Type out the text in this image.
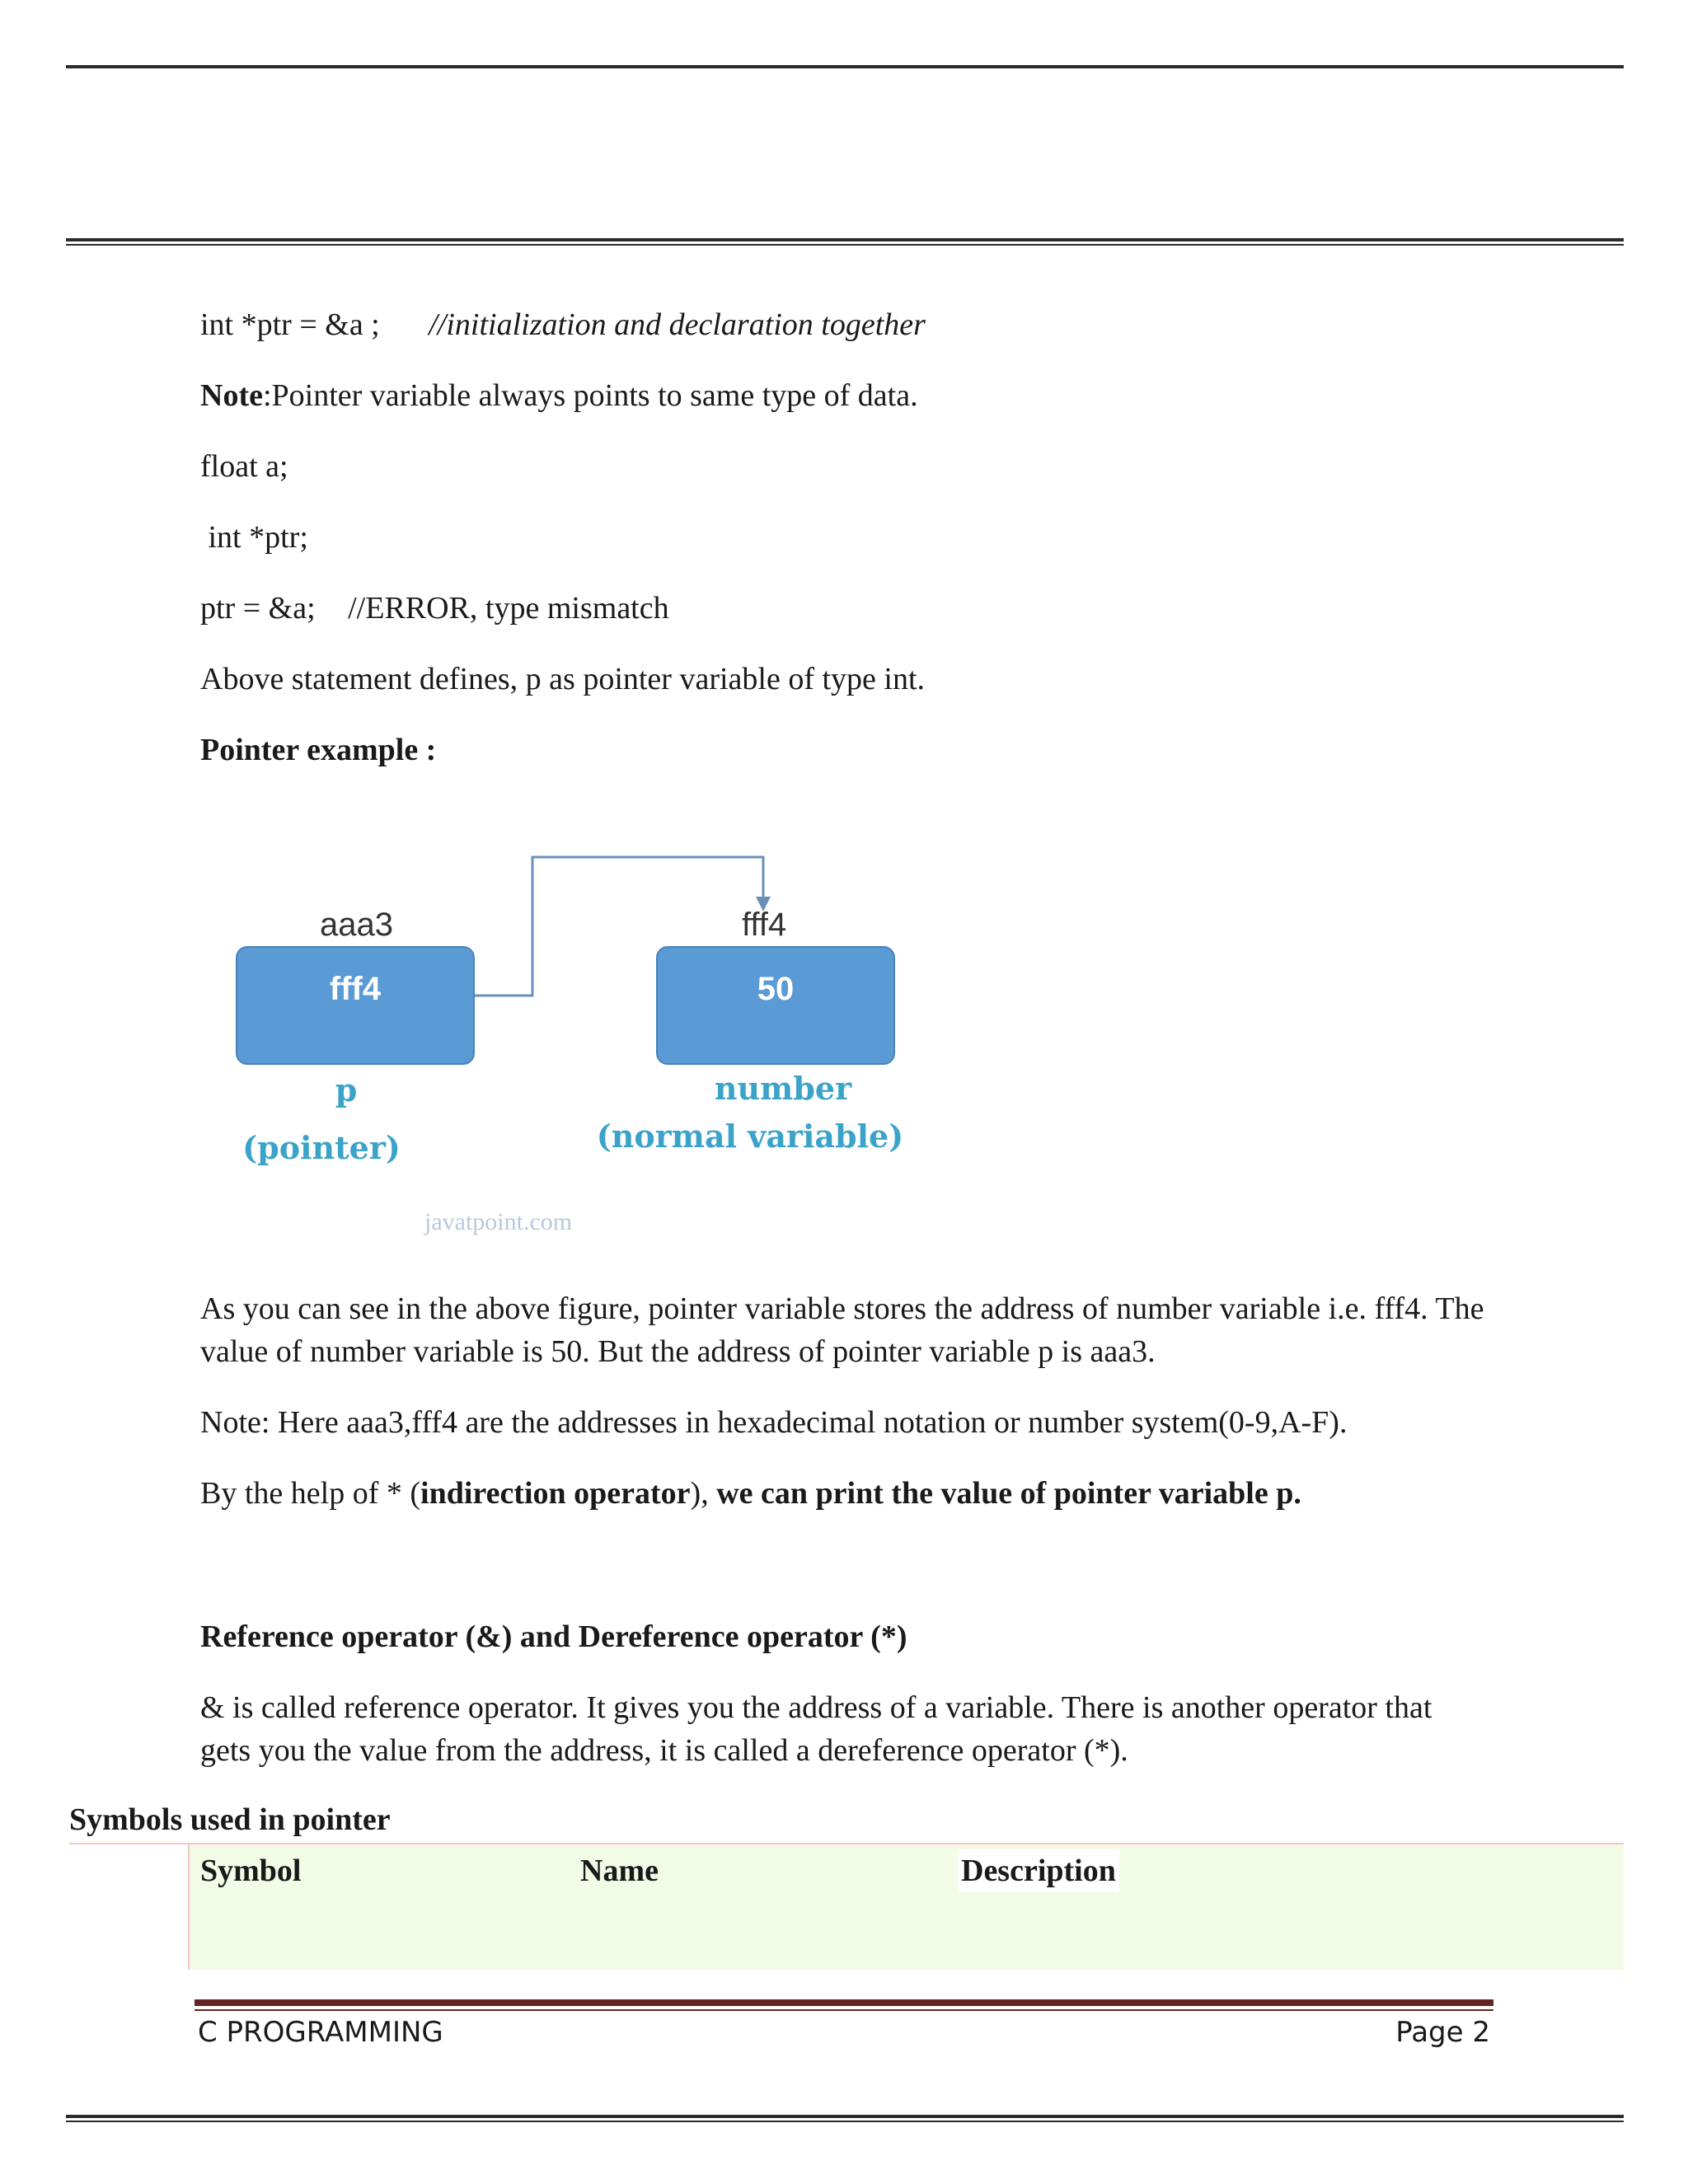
int *ptr = &a ; //initialization and declaration together
Note:Pointer variable always points to same type of data.
float a;
int *ptr;
ptr = &a; //ERROR, type mismatch
Above statement defines, p as pointer variable of type int.
Pointer example :
aaa3
fff4
p
(pointer)
fff4
50
number
(normal variable)
javatpoint.com
As you can see in the above figure, pointer variable stores the address of number variable i.e. fff4. The value of number variable is 50. But the address of pointer variable p is aaa3.
Note: Here aaa3,fff4 are the addresses in hexadecimal notation or number system(0-9,A-F).
By the help of * (indirection operator), we can print the value of pointer variable p.
Reference operator (&) and Dereference operator (*)
& is called reference operator. It gives you the address of a variable. There is another operator that gets you the value from the address, it is called a dereference operator (*).
Symbols used in pointer
Symbol	Name	Description
C PROGRAMMING	Page 2
